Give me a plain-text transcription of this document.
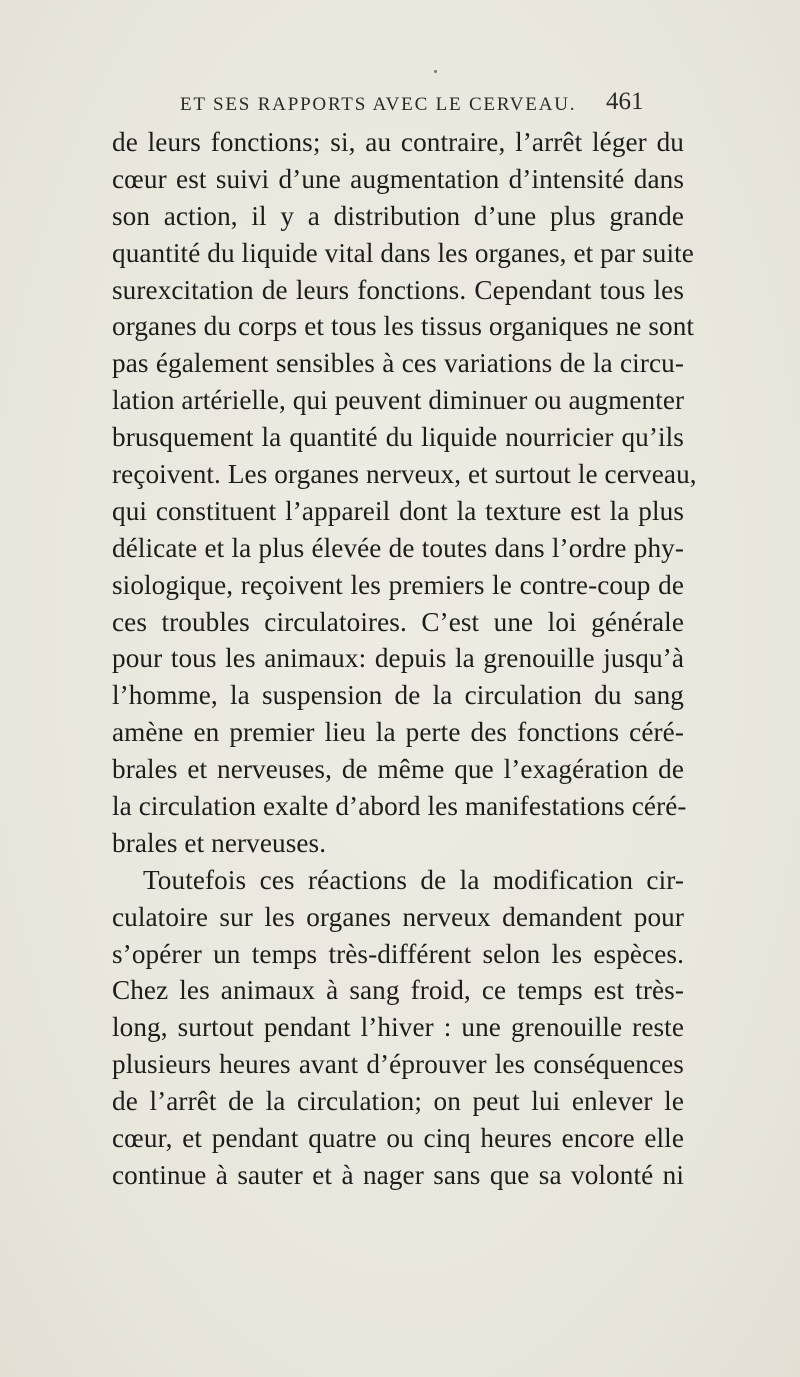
ET SES RAPPORTS AVEC LE CERVEAU. 461
de leurs fonctions; si, au contraire, l’arrêt léger du
cœur est suivi d’une augmentation d’intensité dans
son action, il y a distribution d’une plus grande
quantité du liquide vital dans les organes, et par suite
surexcitation de leurs fonctions. Cependant tous les
organes du corps et tous les tissus organiques ne sont
pas également sensibles à ces variations de la circu-
lation artérielle, qui peuvent diminuer ou augmenter
brusquement la quantité du liquide nourricier qu’ils
reçoivent. Les organes nerveux, et surtout le cerveau,
qui constituent l’appareil dont la texture est la plus
délicate et la plus élevée de toutes dans l’ordre phy-
siologique, reçoivent les premiers le contre-coup de
ces troubles circulatoires. C’est une loi générale
pour tous les animaux: depuis la grenouille jusqu’à
l’homme, la suspension de la circulation du sang
amène en premier lieu la perte des fonctions céré-
brales et nerveuses, de même que l’exagération de
la circulation exalte d’abord les manifestations céré-
brales et nerveuses.
Toutefois ces réactions de la modification cir-
culatoire sur les organes nerveux demandent pour
s’opérer un temps très-différent selon les espèces.
Chez les animaux à sang froid, ce temps est très-
long, surtout pendant l’hiver : une grenouille reste
plusieurs heures avant d’éprouver les conséquences
de l’arrêt de la circulation; on peut lui enlever le
cœur, et pendant quatre ou cinq heures encore elle
continue à sauter et à nager sans que sa volonté ni
